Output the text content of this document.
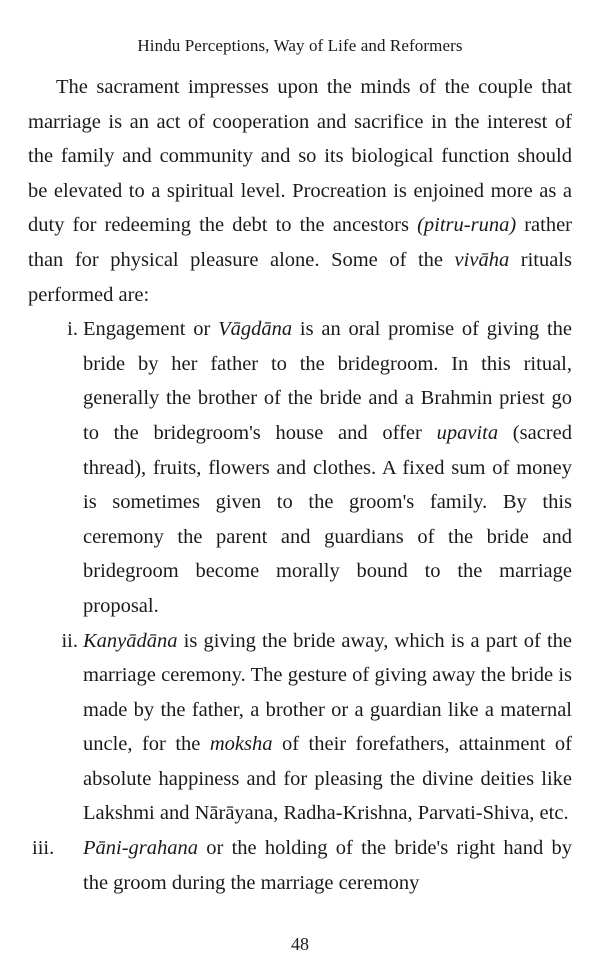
Hindu Perceptions, Way of Life and Reformers

The sacrament impresses upon the minds of the couple that marriage is an act of cooperation and sacrifice in the interest of the family and community and so its biological function should be elevated to a spiritual level. Procreation is enjoined more as a duty for redeeming the debt to the ancestors (pitru-runa) rather than for physical pleasure alone. Some of the vivāha rituals performed are:

i. Engagement or Vāgdāna is an oral promise of giving the bride by her father to the bridegroom. In this ritual, generally the brother of the bride and a Brahmin priest go to the bridegroom's house and offer upavita (sacred thread), fruits, flowers and clothes. A fixed sum of money is sometimes given to the groom's family. By this ceremony the parent and guardians of the bride and bridegroom become morally bound to the marriage proposal.
ii. Kanyādāna is giving the bride away, which is a part of the marriage ceremony. The gesture of giving away the bride is made by the father, a brother or a guardian like a maternal uncle, for the moksha of their forefathers, attainment of absolute happiness and for pleasing the divine deities like Lakshmi and Nārāyana, Radha-Krishna, Parvati-Shiva, etc.
iii.	Pāni-grahana or the holding of the bride's right hand by the groom during the marriage ceremony
48
